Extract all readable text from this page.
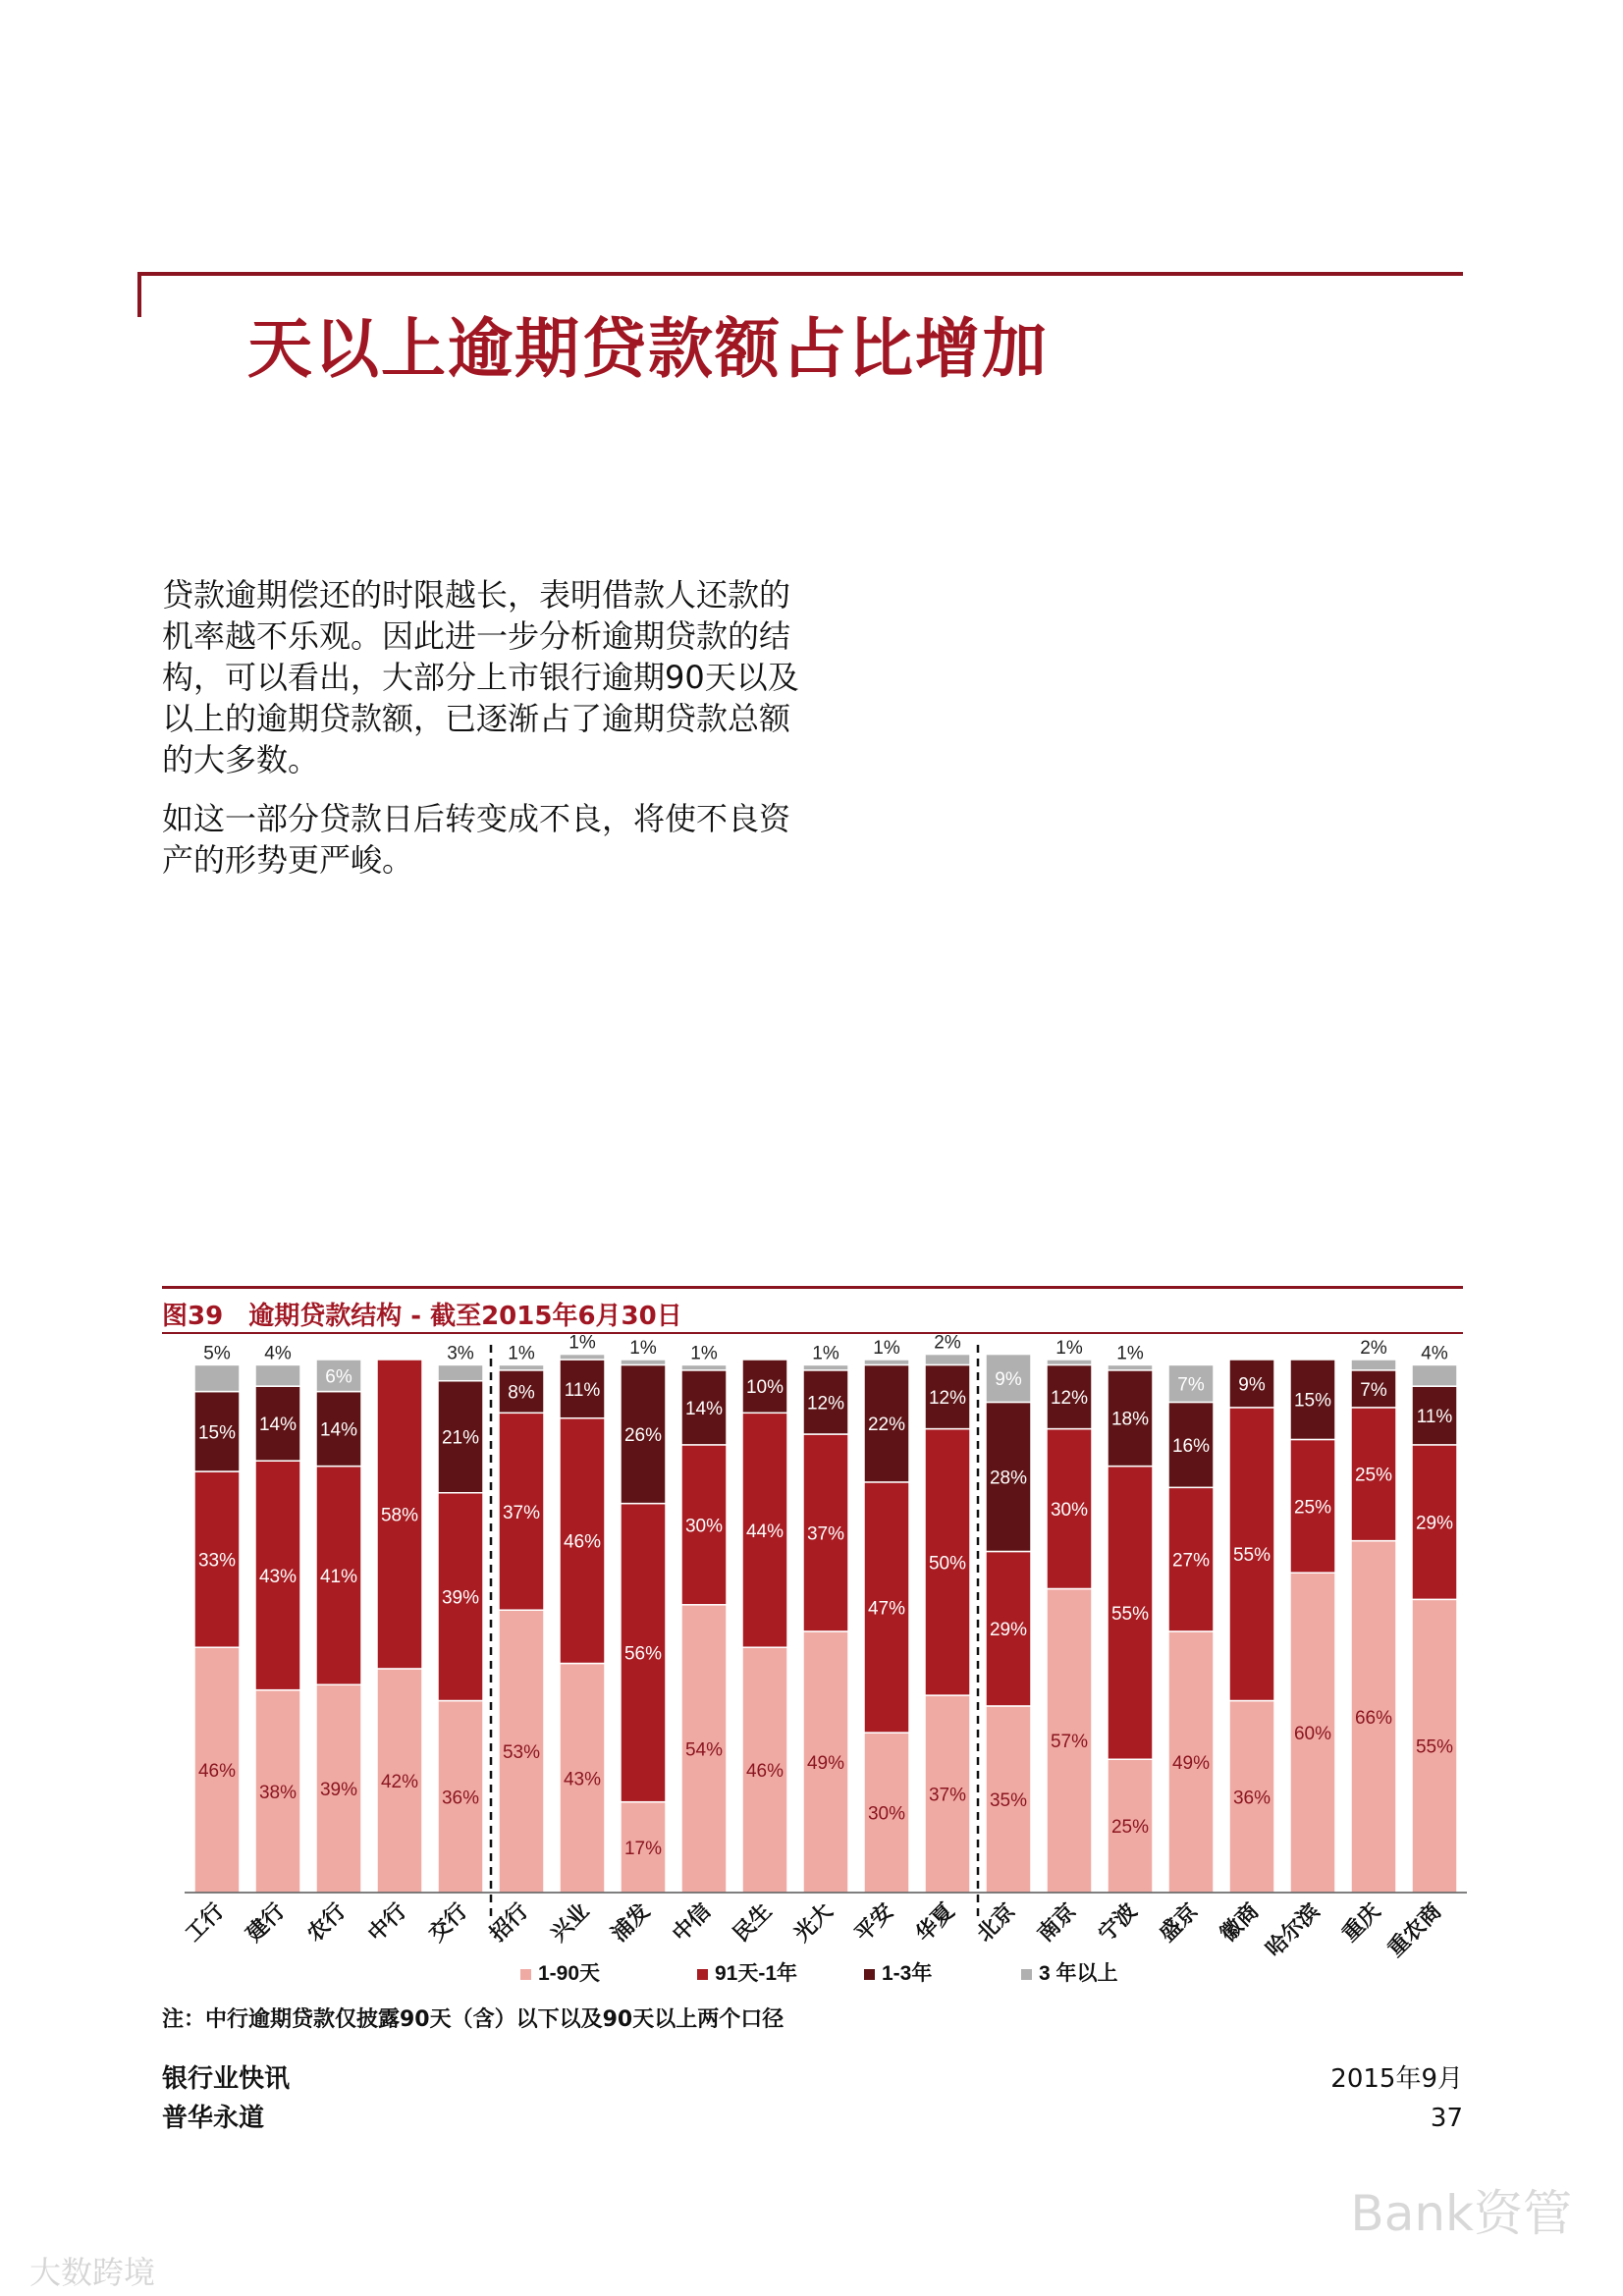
天以上逾期贷款额占比增加

贷款逾期偿还的时限越长，表明借款人还款的机率越不乐观。因此进一步分析逾期贷款的结构，可以看出，大部分上市银行逾期90天以及以上的逾期贷款额，已逐渐占了逾期贷款总额的大多数。

如这一部分贷款日后转变成不良，将使不良资产的形势更严峻。

图39 逾期贷款结构 - 截至2015年6月30日
46%
33%
15%
5%
工行
38%
43%
14%
4%
建行
39%
41%
14%
6%
农行
42%
58%
中行
36%
39%
21%
3%
交行
53%
37%
8%
1%
招行
43%
46%
11%
1%
兴业
17%
56%
26%
1%
浦发
54%
30%
14%
1%
中信
46%
44%
10%
民生
49%
37%
12%
1%
光大
30%
47%
22%
1%
平安
37%
50%
12%
2%
华夏
35%
29%
28%
9%
北京
57%
30%
12%
1%
南京
25%
55%
18%
1%
宁波
49%
27%
16%
7%
盛京
36%
55%
9%
徽商
60%
25%
15%
哈尔滨
66%
25%
7%
2%
重庆
55%
29%
11%
4%
重农商
1-90天	91天-1年	1-3年	3 年以上
注：中行逾期贷款仅披露90天（含）以下以及90天以上两个口径
银行业快讯
普华永道
2015年9月
37
Bank资管
大数跨境
